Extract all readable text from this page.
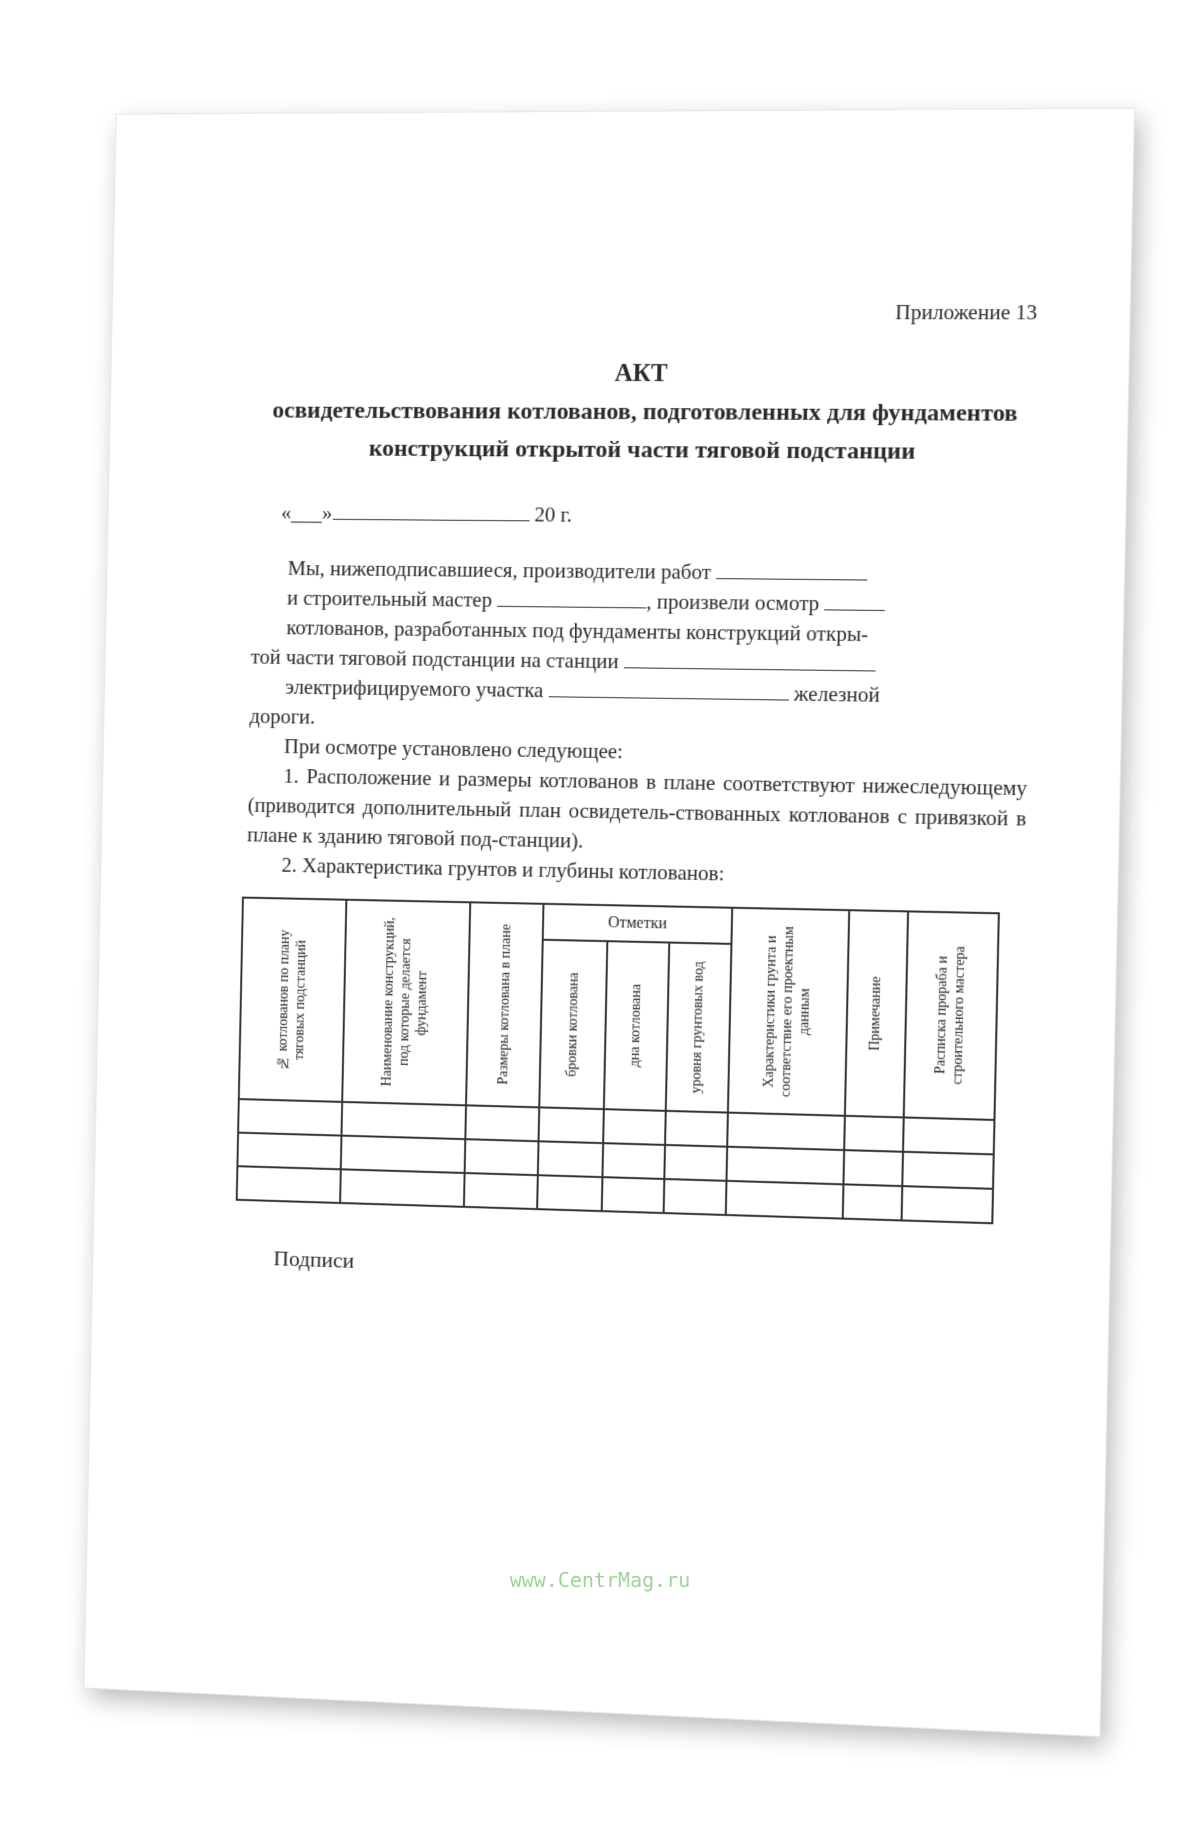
Приложение 13
АКТ
освидетельствования котлованов, подготовленных для фундаментов конструкций открытой части тяговой подстанции
«___»	20 г.

Мы, нижеподписавшиеся, производители работ

и строительный мастер	, произвели осмотр

котлованов, разработанных под фундаменты конструкций откры-

той части тяговой подстанции на станции

электрифицируемого участка	железной

дороги.

При осмотре установлено следующее:

1. Расположение и размеры котлованов в плане соответствуют нижеследующему (приводится дополнительный план освидетель-ствованных котлованов с привязкой в плане к зданию тяговой под-станции).

2. Характеристика грунтов и глубины котлованов:

№ котлованов по плану тяговых подстанций	Наименование конструкций, под которые делается фундамент	Размеры котлована в плане	Отметки			Характеристики грунта и соответствие его проектным данным	Примечание	Расписка прораба и строительного мастера

			бровки котлована	дна котлована	уровня грунтовых вод			

Подписи
www.CentrMag.ru
